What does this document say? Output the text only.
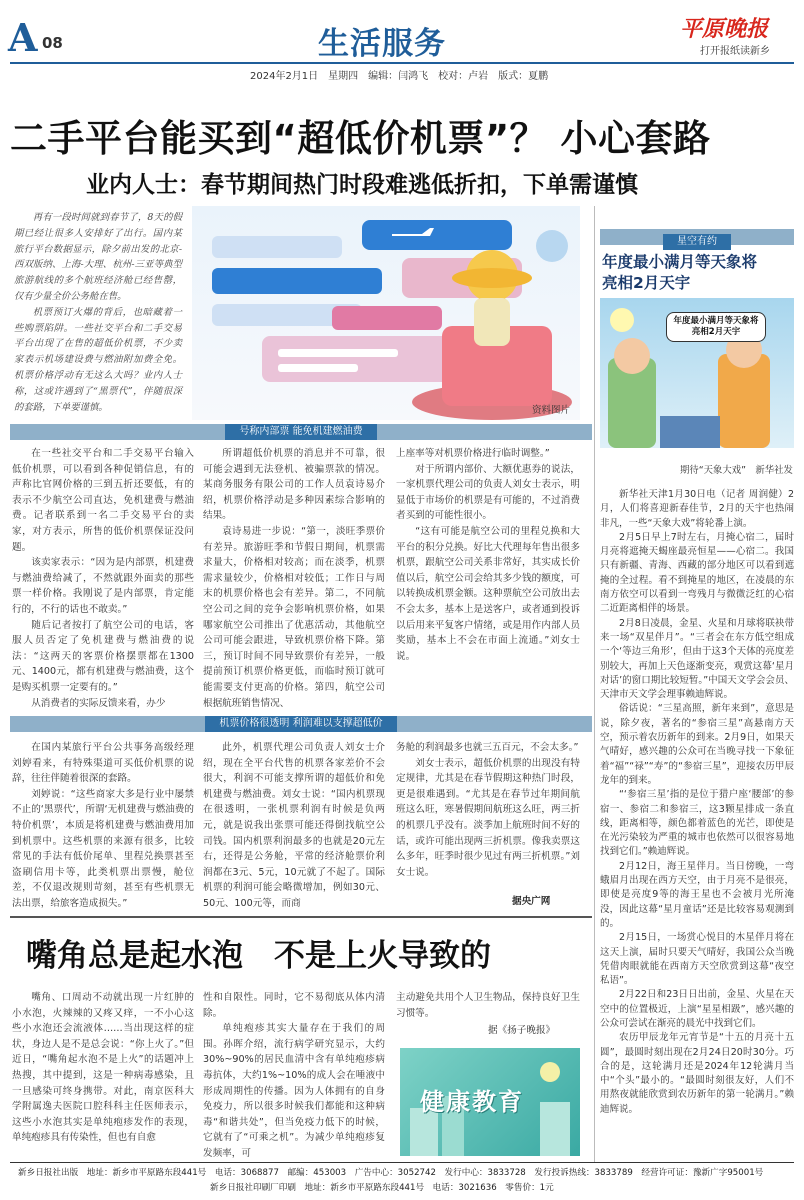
A 08	生活服务	平原晚报
打开报纸读新乡
2024年2月1日　星期四　编辑：闫鸿飞　校对：卢岩　版式：夏鹏
二手平台能买到“超低价机票”？ 小心套路
业内人士：春节期间热门时段难逃低折扣，下单需谨慎

再有一段时间就到春节了，8天的假期已经让很多人安排好了出行。国内某旅行平台数据显示，除夕前出发的北京-西双版纳、上海-大理、杭州-三亚等典型旅游航线的多个航班经济舱已经售罄，仅有少量全价公务舱在售。

机票预订火爆的背后，也暗藏着一些购票陷阱。一些社交平台和二手交易平台出现了在售的超低价机票，不少卖家表示机场建设费与燃油附加费全免。机票价格浮动有无这么大吗？业内人士称，这或许遇到了“黑票代”，伴随很深的套路，下单要谨慎。	资料图片
号称内部票 能免机建燃油费

在一些社交平台和二手交易平台输入低价机票，可以看到各种促销信息，有的声称比官网价格的三到五折还要低，有的表示不少航空公司直达，免机建费与燃油费。记者联系到一名二手交易平台的卖家，对方表示，所售的低价机票保证没问题。

该卖家表示：“因为是内部票，机建费与燃油费给减了，不然就跟外面卖的那些票一样价格。我刚说了是内部票，肯定能行的，不行的话也不敢卖。”

随后记者按打了航空公司的电话，客服人员否定了免机建费与燃油费的说法：“这两天的客票价格摆票都在1300元、1400元，都有机建费与燃油费，这个是购买机票一定要有的。”

从消费者的实际反馈来看，办少

所谓超低价机票的消息并不可靠，很可能会遇到无法登机、被骗票款的情况。某商务服务有限公司的工作人员袁诗易介绍，机票价格浮动是多种因素综合影响的结果。

袁诗易进一步说：“第一，淡旺季票价有差异。旅游旺季和节假日期间，机票需求量大，价格相对较高；而在淡季，机票需求量较少，价格相对较低；工作日与周末的机票价格也会有差异。第二，不同航空公司之间的竞争会影响机票价格，如果哪家航空公司推出了优惠活动，其他航空公司可能会跟进，导致机票价格下降。第三，预订时间不同导致票价有差异，一般提前预订机票价格更低，而临时预订就可能需要支付更高的价格。第四，航空公司根据航班销售情况、

上座率等对机票价格进行临时调整。”

对于所谓内部价、大额优惠券的说法，一家机票代理公司的负责人刘女士表示，明显低于市场价的机票是有可能的，不过消费者买到的可能性很小。

“这有可能是航空公司的里程兑换和大平台的积分兑换。好比大代理每年售出很多机票，跟航空公司关系非常好，其实成长价值以后，航空公司会给其多少钱的额度，可以转换成机票金额。这种票航空公司放出去不会太多，基本上是送客户，或者通到投诉以后用来平复客户情绪，或是用作内部人员奖励，基本上不会在市面上流通。”刘女士说。

机票价格很透明 利润难以支撑超低价

在国内某旅行平台公共事务高级经理刘婷看来，有特殊渠道可买低价机票的说辞，往往伴随着很深的套路。

刘婷说：“这些商家大多是行业中屡禁不止的‘黑票代’，所谓‘无机建费与燃油费的特价机票’，本质是将机建费与燃油费用加到机票中。这些机票的来源有很多，比较常见的手法有低价尾单、里程兑换票甚至盗刷信用卡等，此类机票出票慢，舱位差，不仅退改规则苛刻，甚至有些机票无法出票，给旅客造成损失。”

此外，机票代理公司负责人刘女士介绍，现在全平台代售的机票各家差价不会很大，利润不可能支撑所谓的超低价和免机建费与燃油费。刘女士说：“国内机票现在很透明，一张机票利润有时候是负两元，就是说我出张票可能还得倒找航空公司钱。国内机票利润最多的也就是20元左右，还得是公务舱，平常的经济舱票价利润都在3元、5元，10元就了不起了。国际机票的利润可能会略微增加，例如30元、50元、100元等，而商

务舱的利润最多也就三五百元，不会太多。”

刘女士表示，超低价机票的出现没有特定规律，尤其是在春节假期这种热门时段，更是很难遇到。“尤其是在春节过年期间航班这么旺，寒暑假期间航班这么旺，两三折的机票几乎没有。淡季加上航班时间不好的话，或许可能出现两三折机票。像我卖票这么多年，旺季时很少见过有两三折机票。”刘女士说。

据央广网
嘴角总是起水泡　不是上火导致的

嘴角、口周动不动就出现一片红肿的小水泡，火辣辣的又疼又痒，一不小心这些小水泡还会流液体……当出现这样的症状，身边人是不是总会说：“你上火了。”但近日，“嘴角起水泡不是上火”的话题冲上热搜，其中提到，这是一种病毒感染，且一旦感染可终身携带。对此，南京医科大学附属逸夫医院口腔科科主任医师表示，这些小水泡其实是单纯疱疹发作的表现，单纯疱疹具有传染性，但也有自愈

性和自限性。同时，它不易彻底从体内清除。

单纯疱疹其实大量存在于我们的周围。孙晖介绍，流行病学研究显示，大约30%~90%的居民血清中含有单纯疱疹病毒抗体，大约1%~10%的成人会在唾液中形成周期性的传播。因为人体拥有的自身免疫力，所以很多时候我们都能和这种病毒“和谐共处”，但当免疫力低下的时候，它就有了“可乘之机”。为减少单纯疱疹复发频率，可

主动避免共用个人卫生物品，保持良好卫生习惯等。

据《扬子晚报》
健康教育
星空有约
年度最小满月等天象将亮相2月天宇
年度最小满月等天象将亮相2月天宇
期待“天象大戏”　新华社发

新华社天津1月30日电（记者 周润健）2月，人们将喜迎新春佳节，2月的天宇也热闹非凡，一些“天象大戏”将轮番上演。

2月5日早上7时左右，月掩心宿二，届时月亮将遮掩天蝎座最亮恒星——心宿二。我国只有新疆、青海、西藏的部分地区可以看到遮掩的全过程。看不到掩星的地区，在凌晨的东南方依空可以看到一弯残月与微微泛红的心宿二近距离相伴的场景。

2月8日凌晨，金星、火星和月球将联袂带来一场“双星伴月”。“三者会在东方低空组成一个‘等边三角形’，但由于这3个天体的亮度差别较大，再加上天色逐渐变亮，观赏这幕‘星月对话’的窗口期比较短暂。”中国天文学会会员、天津市天文学会理事赖迪辉说。

俗话说：“三星高照，新年来到”，意思是说，除夕夜，著名的“参宿三星”高悬南方天空，预示着农历新年的到来。2月9日，如果天气晴好，感兴趣的公众可在当晚寻找一下象征着“福”“禄”“寿”的“参宿三星”，迎接农历甲辰龙年的到来。

“‘参宿三星’指的是位于猎户座‘腰部’的参宿一、参宿二和参宿三，这3颗星排成一条直线，距离相等，颜色都着蓝色的光芒，即使是在光污染较为严重的城市也依然可以很容易地找到它们。”赖迪辉说。

2月12日，海王星伴月。当日傍晚，一弯蛾眉月出现在西方天空，由于月亮不是很亮，即使是亮度9等的海王星也不会被月光所淹没，因此这幕“星月童话”还是比较容易观测到的。

2月15日，一场赏心悦目的木星伴月将在这天上演，届时只要天气晴好，我国公众当晚凭借肉眼就能在西南方天空欣赏到这幕“夜空私语”。

2月22日和23日日出前，金星、火星在天空中的位置极近，上演“星星相趿”，感兴趣的公众可尝试在渐亮的晨光中找到它们。

农历甲辰龙年元宵节是“十五的月亮十五圆”，最圆时刻出现在2月24日20时30分。巧合的是，这轮满月还是2024年12轮满月当中“个头”最小的。“最圆时刻很友好，人们不用熬夜就能欣赏到农历新年的第一轮满月。”赖迪辉说。

新乡日报社出版　地址：新乡市平原路东段441号　电话：3068877　邮编：453003　广告中心：3052742　发行中心：3833728　发行投诉热线：3833789　经营许可证：豫新广字95001号
新乡日报社印刷厂印刷　地址：新乡市平原路东段441号　电话：3021636　零售价：1元
